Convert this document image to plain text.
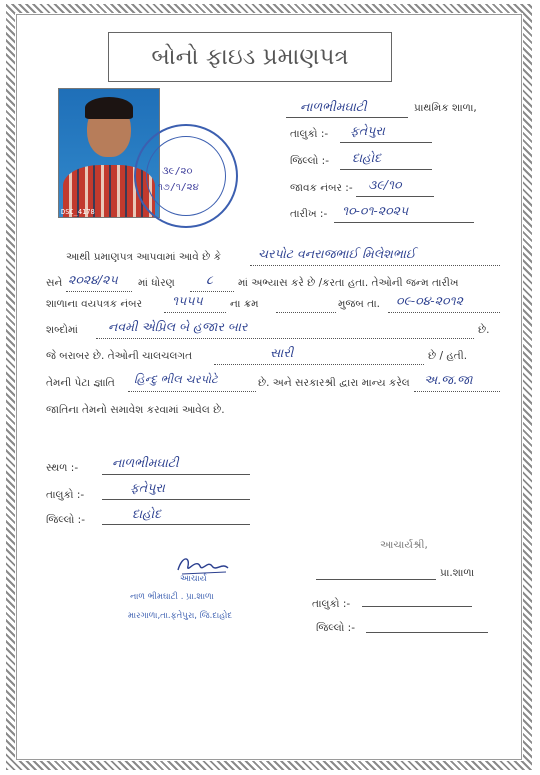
બોનો ફાઇડ પ્રમાણપત્ર
DSC_4178
૩૯/૨૦
૧૭/૧/૨૪
નાળભીમઘાટી	પ્રાથમિક શાળા,
તાલુકો :- ફતેપુરા
જિલ્લો :- દાહોદ
જાવક નંબર :- ૩૯/૧૦
તારીખ :- ૧૦-૦૧-૨૦૨૫
આથી પ્રમાણપત્ર આપવામાં આવે છે કે	ચરપોટ વનરાજભાઈ મિલેશભાઈ
સને ૨૦૨૪/૨૫ માં ધોરણ ૮ માં અભ્યાસ કરે છે /કરતા હતા. તેઓની જન્મ તારીખ
શાળાના વયપત્રક નંબર ૧૫૫૫	ના ક્રમ	મુજબ તા. ૦૯-૦૪-૨૦૧૨
શબ્દોમાં નવમી એપ્રિલ બે હજાર બાર	છે.
જે બરાબર છે. તેઓની ચાલચલગત	સારી	છે / હતી.
તેમની પેટા જ્ઞાતિ હિન્દુ ભીલ ચરપોટે	છે. અને સરકારશ્રી દ્વારા માન્ય કરેલ અ.જ.જા
જાતિના તેમનો સમાવેશ કરવામાં આવેલ છે.
સ્થળ :-	નાળભીમઘાટી
તાલુકો :-	ફતેપુરા
જિલ્લો :-	દાહોદ
આચાર્ય
નાળ ભીમઘાટી . પ્રા.શાળા
મારગાળા,તા.ફતેપુરા, જિ.દાહોદ
આચાર્યશ્રી,
પ્રા.શાળા
તાલુકો :-
જિલ્લો :-
